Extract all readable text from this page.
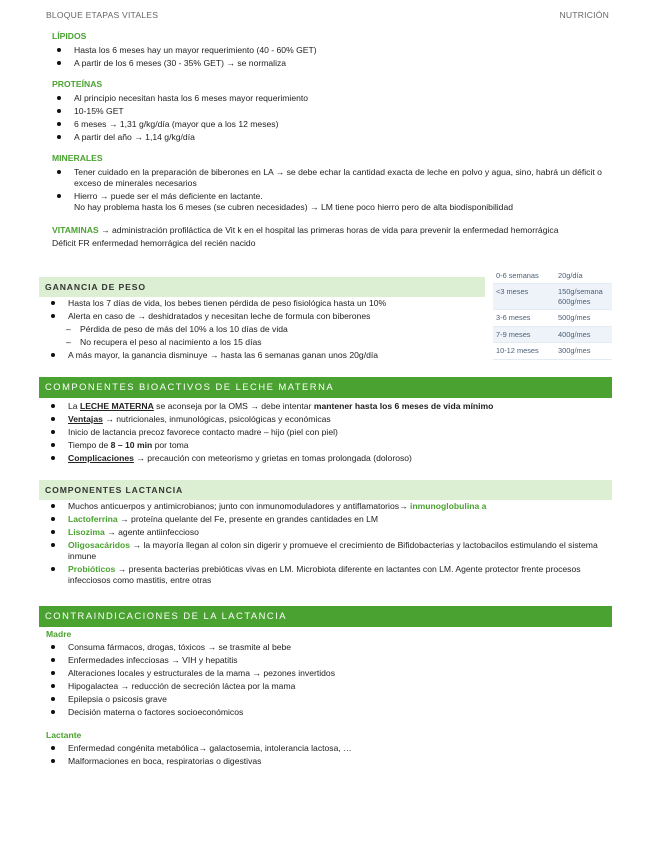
BLOQUE ETAPAS VITALES	NUTRICIÓN
LÍPIDOS
Hasta los 6 meses hay un mayor requerimiento (40 - 60% GET)
A partir de los 6 meses (30 - 35% GET) → se normaliza
PROTEÍNAS
Al principio necesitan hasta los 6 meses mayor requerimiento
10-15% GET
6 meses → 1,31 g/kg/día (mayor que a los 12 meses)
A partir del año → 1,14 g/kg/día
MINERALES
Tener cuidado en la preparación de biberones en LA → se debe echar la cantidad exacta de leche en polvo y agua, sino, habrá un déficit o exceso de minerales necesarios
Hierro → puede ser el más deficiente en lactante.
No hay problema hasta los 6 meses (se cubren necesidades) → LM tiene poco hierro pero de alta biodisponibilidad
VITAMINAS → administración profiláctica de Vit k en el hospital las primeras horas de vida para prevenir la enfermedad hemorrágica
Déficit FR enfermedad hemorrágica del recién nacido
GANANCIA DE PESO
Hasta los 7 días de vida, los bebes tienen pérdida de peso fisiológica hasta un 10%
Alerta en caso de → deshidratados y necesitan leche de formula con biberones
– Pérdida de peso de más del 10% a los 10 días de vida
– No recupera el peso al nacimiento a los 15 días
A más mayor, la ganancia disminuye → hasta las 6 semanas ganan unos 20g/día
0-6 semanas	20g/día
<3 meses	150g/semana 600g/mes
3-6 meses	500g/mes
7-9 meses	400g/mes
10-12 meses	300g/mes
COMPONENTES BIOACTIVOS DE LECHE MATERNA
La LECHE MATERNA se aconseja por la OMS → debe intentar mantener hasta los 6 meses de vida mínimo
Ventajas → nutricionales, inmunológicas, psicológicas y económicas
Inicio de lactancia precoz favorece contacto madre – hijo (piel con piel)
Tiempo de 8 – 10 min por toma
Complicaciones → precaución con meteorismo y grietas en tomas prolongada (doloroso)
COMPONENTES LACTANCIA
Muchos anticuerpos y antimicrobianos; junto con inmunomoduladores y antiflamatorios→ inmunoglobulina a
Lactoferrina → proteína quelante del Fe, presente en grandes cantidades en LM
Lisozima → agente antiinfeccioso
Oligosacáridos → la mayoría llegan al colon sin digerir y promueve el crecimiento de Bifidobacterias y lactobacilos estimulando el sistema inmune
Probióticos → presenta bacterias prebióticas vivas en LM. Microbiota diferente en lactantes con LM. Agente protector frente procesos infecciosos como mastitis, entre otras
CONTRAINDICACIONES DE LA LACTANCIA
Madre
Consuma fármacos, drogas, tóxicos → se trasmite al bebe
Enfermedades infecciosas → VIH y hepatitis
Alteraciones locales y estructurales de la mama → pezones invertidos
Hipogalactea → reducción de secreción láctea por la mama
Epilepsia o psicosis grave
Decisión materna o factores socioeconómicos
Lactante
Enfermedad congénita metabólica→ galactosemia, intolerancia lactosa, …
Malformaciones en boca, respiratorias o digestivas
